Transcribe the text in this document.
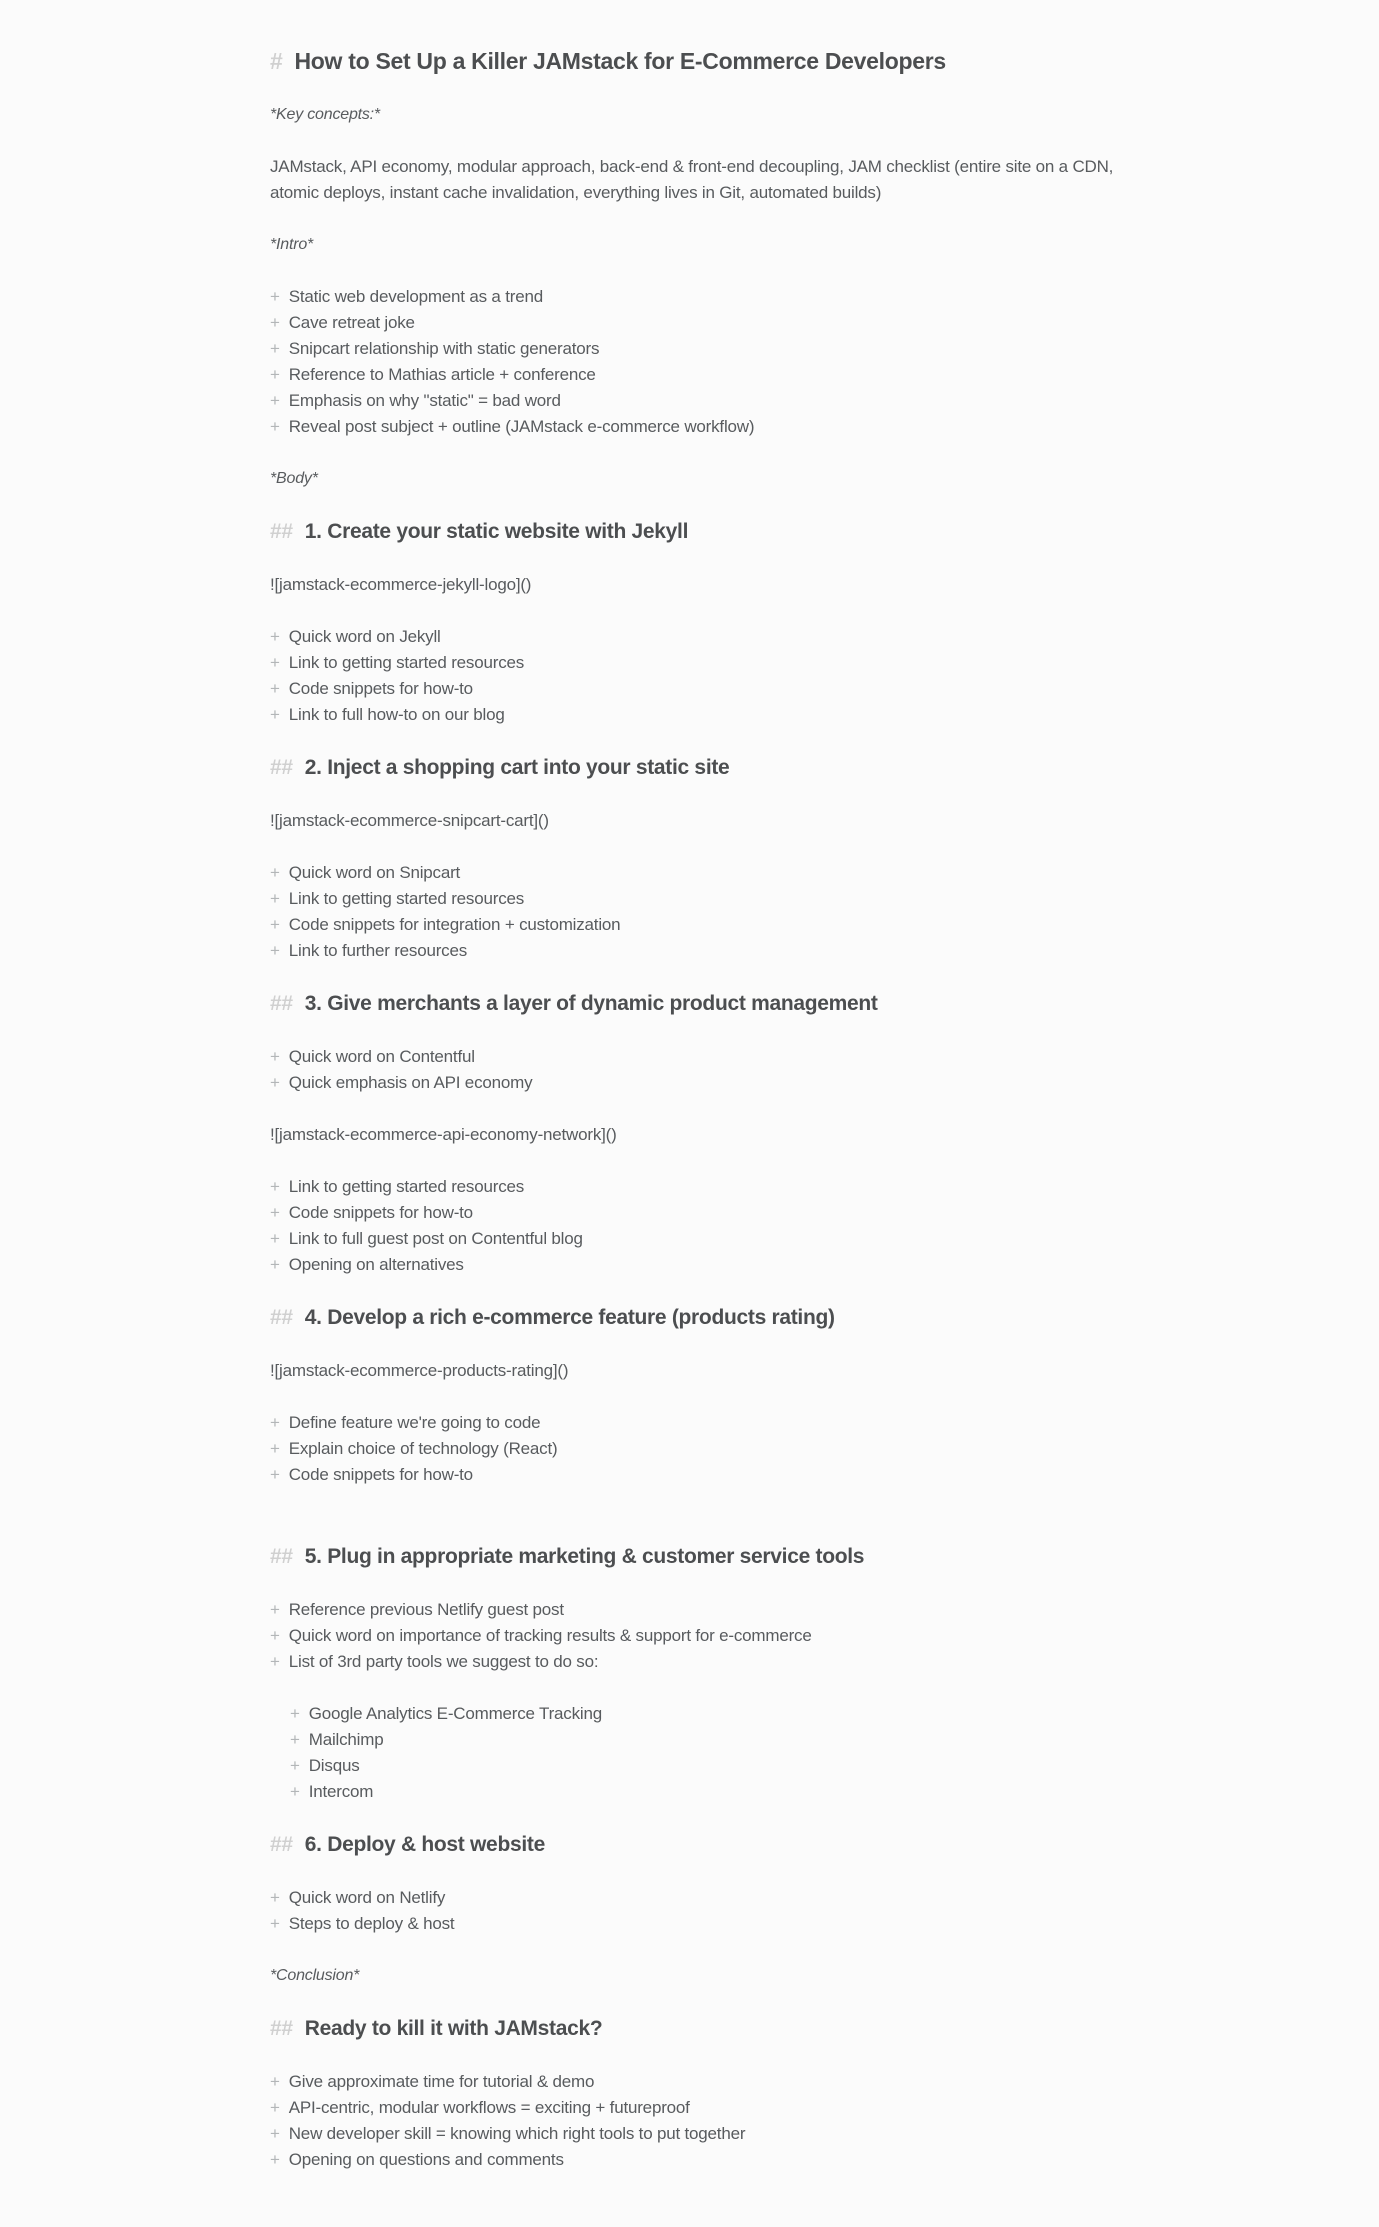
# How to Set Up a Killer JAMstack for E-Commerce Developers

*Key concepts:*

JAMstack, API economy, modular approach, back-end & front-end decoupling, JAM checklist (entire site on a CDN, atomic deploys, instant cache invalidation, everything lives in Git, automated builds)

*Intro*

+ Static web development as a trend
+ Cave retreat joke
+ Snipcart relationship with static generators
+ Reference to Mathias article + conference
+ Emphasis on why "static" = bad word
+ Reveal post subject + outline (JAMstack e-commerce workflow)

*Body*

## 1. Create your static website with Jekyll

![jamstack-ecommerce-jekyll-logo]()

+ Quick word on Jekyll
+ Link to getting started resources
+ Code snippets for how-to
+ Link to full how-to on our blog
## 2. Inject a shopping cart into your static site

![jamstack-ecommerce-snipcart-cart]()

+ Quick word on Snipcart
+ Link to getting started resources
+ Code snippets for integration + customization
+ Link to further resources
## 3. Give merchants a layer of dynamic product management
+ Quick word on Contentful
+ Quick emphasis on API economy

![jamstack-ecommerce-api-economy-network]()

+ Link to getting started resources
+ Code snippets for how-to
+ Link to full guest post on Contentful blog
+ Opening on alternatives
## 4. Develop a rich e-commerce feature (products rating)

![jamstack-ecommerce-products-rating]()

+ Define feature we're going to code
+ Explain choice of technology (React)
+ Code snippets for how-to
## 5. Plug in appropriate marketing & customer service tools
+ Reference previous Netlify guest post
+ Quick word on importance of tracking results & support for e-commerce
+ List of 3rd party tools we suggest to do so:
+ Google Analytics E-Commerce Tracking
+ Mailchimp
+ Disqus
+ Intercom
## 6. Deploy & host website
+ Quick word on Netlify
+ Steps to deploy & host

*Conclusion*

## Ready to kill it with JAMstack?
+ Give approximate time for tutorial & demo
+ API-centric, modular workflows = exciting + futureproof
+ New developer skill = knowing which right tools to put together
+ Opening on questions and comments
